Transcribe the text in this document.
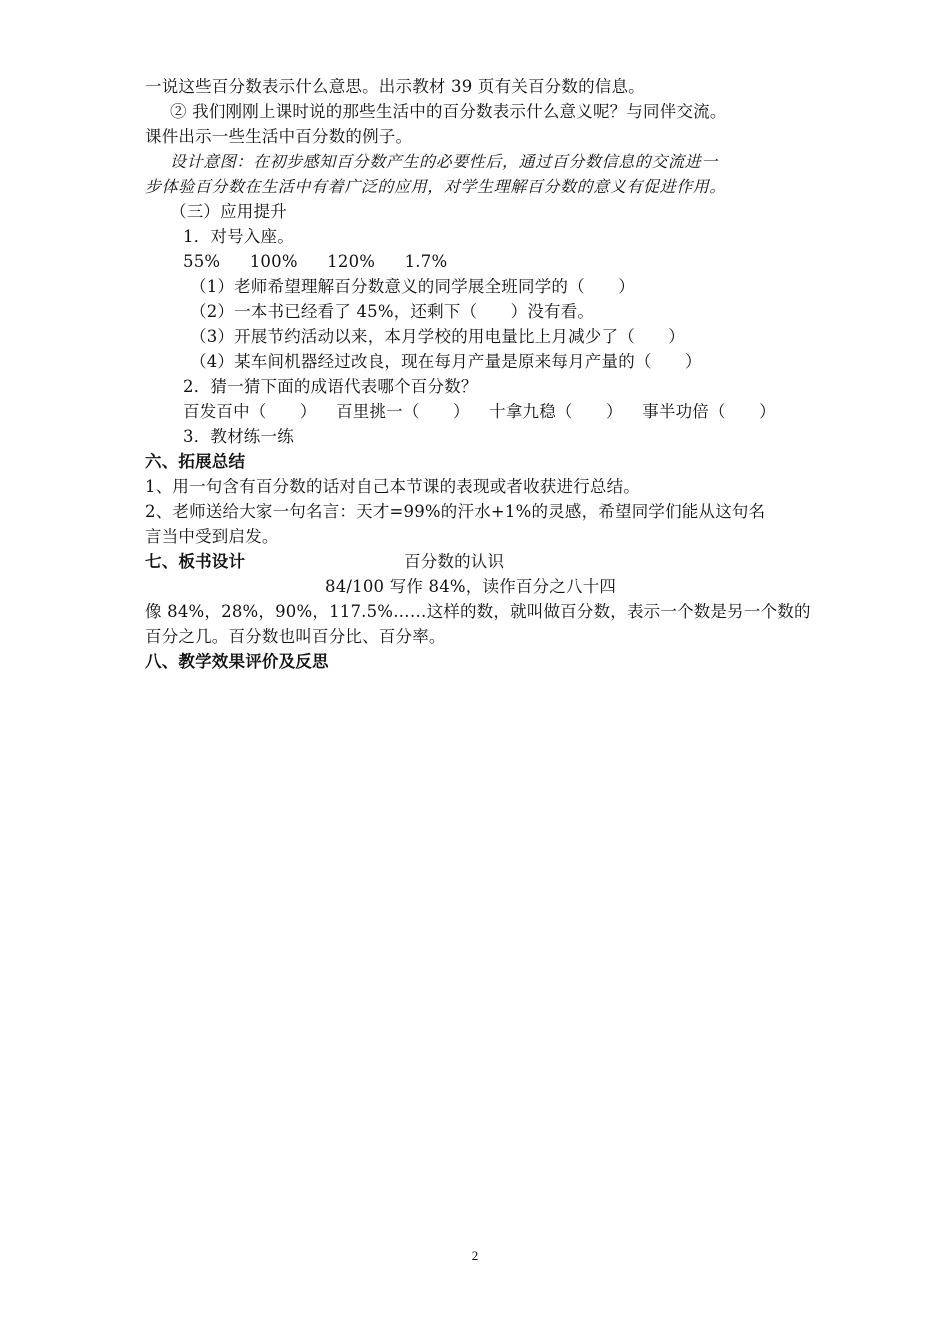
一说这些百分数表示什么意思。出示教材 39 页有关百分数的信息。
② 我们刚刚上课时说的那些生活中的百分数表示什么意义呢？与同伴交流。
课件出示一些生活中百分数的例子。
设计意图：在初步感知百分数产生的必要性后，通过百分数信息的交流进一
步体验百分数在生活中有着广泛的应用，对学生理解百分数的意义有促进作用。
（三）应用提升
1．对号入座。
55% 100% 120% 1.7%
（1）老师希望理解百分数意义的同学展全班同学的（　　）
（2）一本书已经看了 45%，还剩下（　　）没有看。
（3）开展节约活动以来，本月学校的用电量比上月减少了（　　）
（4）某车间机器经过改良，现在每月产量是原来每月产量的（　　）
2．猜一猜下面的成语代表哪个百分数？
百发百中（　　） 百里挑一（　　） 十拿九稳（　　） 事半功倍（　　）
3．教材练一练
六、拓展总结
1、用一句含有百分数的话对自己本节课的表现或者收获进行总结。
2、老师送给大家一句名言：天才=99%的汗水+1%的灵感，希望同学们能从这句名
言当中受到启发。
七、板书设计	百分数的认识
84/100 写作 84%，读作百分之八十四
像 84%，28%，90%，117.5%……这样的数，就叫做百分数，表示一个数是另一个数的
百分之几。百分数也叫百分比、百分率。
八、教学效果评价及反思
2
